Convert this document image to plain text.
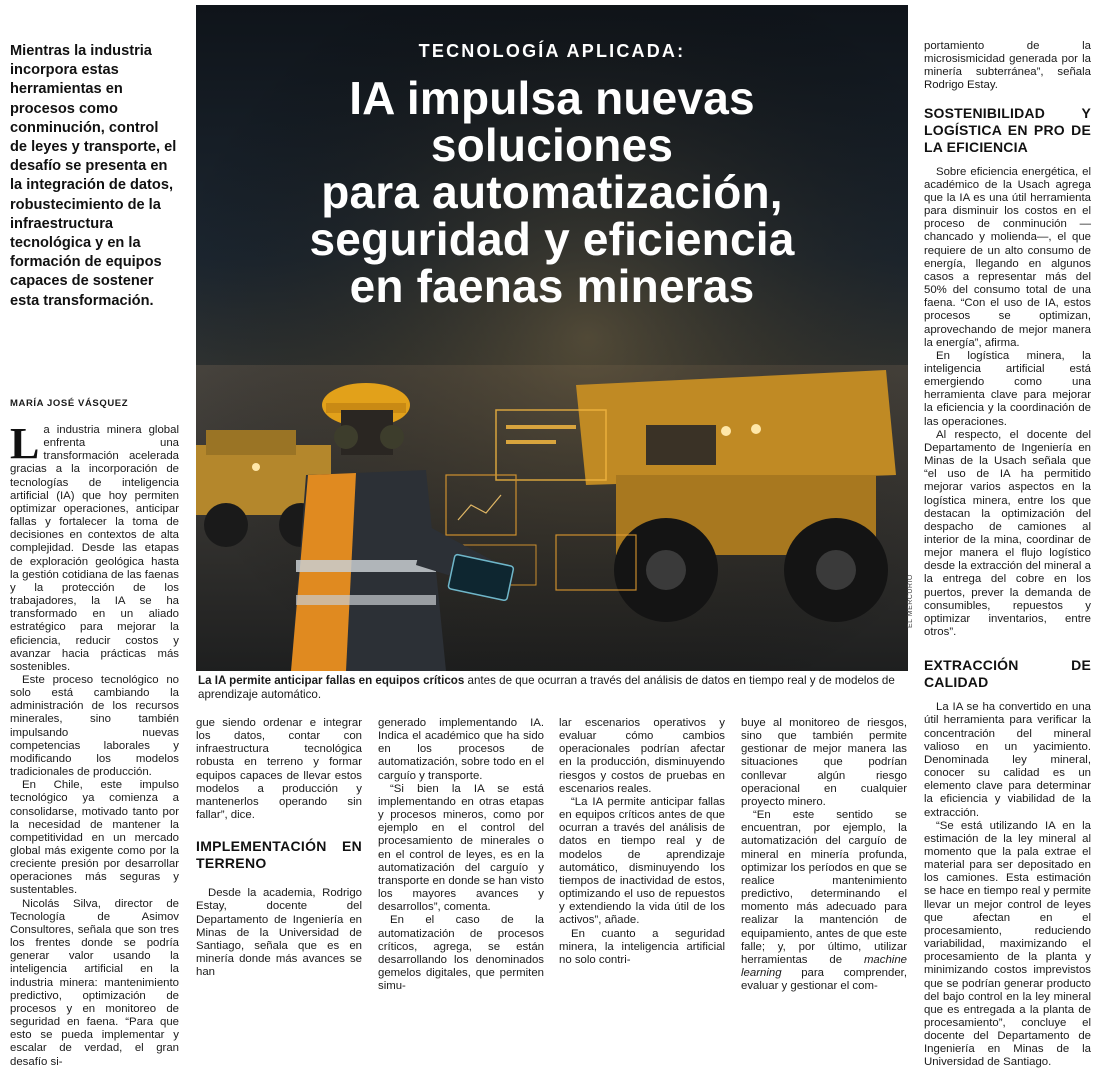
Mientras la industria incorpora estas herramientas en procesos como conminución, control de leyes y transporte, el desafío se presenta en la integración de datos, robustecimiento de la infraestructura tecnológica y en la formación de equipos capaces de sostener esta transformación.
MARÍA JOSÉ VÁSQUEZ

La industria minera global enfrenta una transformación acelerada gracias a la incorporación de tecnologías de inteligencia artificial (IA) que hoy permiten optimizar operaciones, anticipar fallas y fortalecer la toma de decisiones en contextos de alta complejidad. Desde las etapas de exploración geológica hasta la gestión cotidiana de las faenas y la protección de los trabajadores, la IA se ha transformado en un aliado estratégico para mejorar la eficiencia, reducir costos y avanzar hacia prácticas más sostenibles.

Este proceso tecnológico no solo está cambiando la administración de los recursos minerales, sino también impulsando nuevas competencias laborales y modificando los modelos tradicionales de producción.

En Chile, este impulso tecnológico ya comienza a consolidarse, motivado tanto por la necesidad de mantener la competitividad en un mercado global más exigente como por la creciente presión por desarrollar operaciones más seguras y sustentables.

Nicolás Silva, director de Tecnología de Asimov Consultores, señala que son tres los frentes donde se podría generar valor usando la inteligencia artificial en la industria minera: mantenimiento predictivo, optimización de procesos y en monitoreo de seguridad en faena. “Para que esto se pueda implementar y escalar de verdad, el gran desafío si-

TECNOLOGÍA APLICADA:
IA impulsa nuevas
soluciones
para automatización,
seguridad y eficiencia
en faenas mineras
EL MERCURIO
La IA permite anticipar fallas en equipos críticos antes de que ocurran a través del análisis de datos en tiempo real y de modelos de aprendizaje automático.

gue siendo ordenar e integrar los datos, contar con infraestructura tecnológica robusta en terreno y formar equipos capaces de llevar estos modelos a producción y mantenerlos operando sin fallar”, dice.

IMPLEMENTACIÓN EN TERRENO

Desde la academia, Rodrigo Estay, docente del Departamento de Ingeniería en Minas de la Universidad de Santiago, señala que es en minería donde más avances se han

generado implementando IA. Indica el académico que ha sido en los procesos de automatización, sobre todo en el carguío y transporte.

“Si bien la IA se está implementando en otras etapas y procesos mineros, como por ejemplo en el control del procesamiento de minerales o en el control de leyes, es en la automatización del carguío y transporte en donde se han visto los mayores avances y desarrollos”, comenta.

En el caso de la automatización de procesos críticos, agrega, se están desarrollando los denominados gemelos digitales, que permiten simu-

lar escenarios operativos y evaluar cómo cambios operacionales podrían afectar en la producción, disminuyendo riesgos y costos de pruebas en escenarios reales.

“La IA permite anticipar fallas en equipos críticos antes de que ocurran a través del análisis de datos en tiempo real y de modelos de aprendizaje automático, disminuyendo los tiempos de inactividad de estos, optimizando el uso de repuestos y extendiendo la vida útil de los activos”, añade.

En cuanto a seguridad minera, la inteligencia artificial no solo contri-

buye al monitoreo de riesgos, sino que también permite gestionar de mejor manera las situaciones que podrían conllevar algún riesgo operacional en cualquier proyecto minero.

“En este sentido se encuentran, por ejemplo, la automatización del carguío de mineral en minería profunda, optimizar los períodos en que se realice mantenimiento predictivo, determinando el momento más adecuado para realizar la mantención de equipamiento, antes de que este falle; y, por último, utilizar herramientas de machine learning para comprender, evaluar y gestionar el com-

portamiento de la microsismicidad generada por la minería subterránea”, señala Rodrigo Estay.

SOSTENIBILIDAD Y LOGÍSTICA EN PRO DE LA EFICIENCIA

Sobre eficiencia energética, el académico de la Usach agrega que la IA es una útil herramienta para disminuir los costos en el proceso de conminución —chancado y molienda—, el que requiere de un alto consumo de energía, llegando en algunos casos a representar más del 50% del consumo total de una faena. “Con el uso de IA, estos procesos se optimizan, aprovechando de mejor manera la energía”, afirma.

En logística minera, la inteligencia artificial está emergiendo como una herramienta clave para mejorar la eficiencia y la coordinación de las operaciones.

Al respecto, el docente del Departamento de Ingeniería en Minas de la Usach señala que “el uso de IA ha permitido mejorar varios aspectos en la logística minera, entre los que destacan la optimización del despacho de camiones al interior de la mina, coordinar de mejor manera el flujo logístico desde la extracción del mineral a la entrega del cobre en los puertos, prever la demanda de consumibles, repuestos y optimizar inventarios, entre otros”.

EXTRACCIÓN DE CALIDAD

La IA se ha convertido en una útil herramienta para verificar la concentración del mineral valioso en un yacimiento. Denominada ley mineral, conocer su calidad es un elemento clave para determinar la eficiencia y viabilidad de la extracción.

“Se está utilizando IA en la estimación de la ley mineral al momento que la pala extrae el material para ser depositado en los camiones. Esta estimación se hace en tiempo real y permite llevar un mejor control de leyes que afectan en el procesamiento, reduciendo variabilidad, maximizando el procesamiento de la planta y minimizando costos imprevistos que se podrían generar producto del bajo control en la ley mineral que es entregada a la planta de procesamiento”, concluye el docente del Departamento de Ingeniería en Minas de la Universidad de Santiago.
